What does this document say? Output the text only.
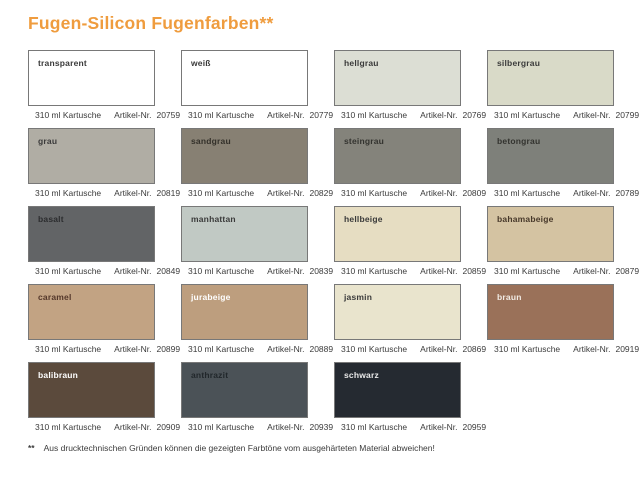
Fugen-Silicon Fugenfarben**
transparent
310 ml Kartusche Artikel-Nr. 20759
weiß
310 ml Kartusche Artikel-Nr. 20779
hellgrau
310 ml Kartusche Artikel-Nr. 20769
silbergrau
310 ml Kartusche Artikel-Nr. 20799
grau
310 ml Kartusche Artikel-Nr. 20819
sandgrau
310 ml Kartusche Artikel-Nr. 20829
steingrau
310 ml Kartusche Artikel-Nr. 20809
betongrau
310 ml Kartusche Artikel-Nr. 20789
basalt
310 ml Kartusche Artikel-Nr. 20849
manhattan
310 ml Kartusche Artikel-Nr. 20839
hellbeige
310 ml Kartusche Artikel-Nr. 20859
bahamabeige
310 ml Kartusche Artikel-Nr. 20879
caramel
310 ml Kartusche Artikel-Nr. 20899
jurabeige
310 ml Kartusche Artikel-Nr. 20889
jasmin
310 ml Kartusche Artikel-Nr. 20869
braun
310 ml Kartusche Artikel-Nr. 20919
balibraun
310 ml Kartusche Artikel-Nr. 20909
anthrazit
310 ml Kartusche Artikel-Nr. 20939
schwarz
310 ml Kartusche Artikel-Nr. 20959
** Aus drucktechnischen Gründen können die gezeigten Farbtöne vom ausgehärteten Material abweichen!
